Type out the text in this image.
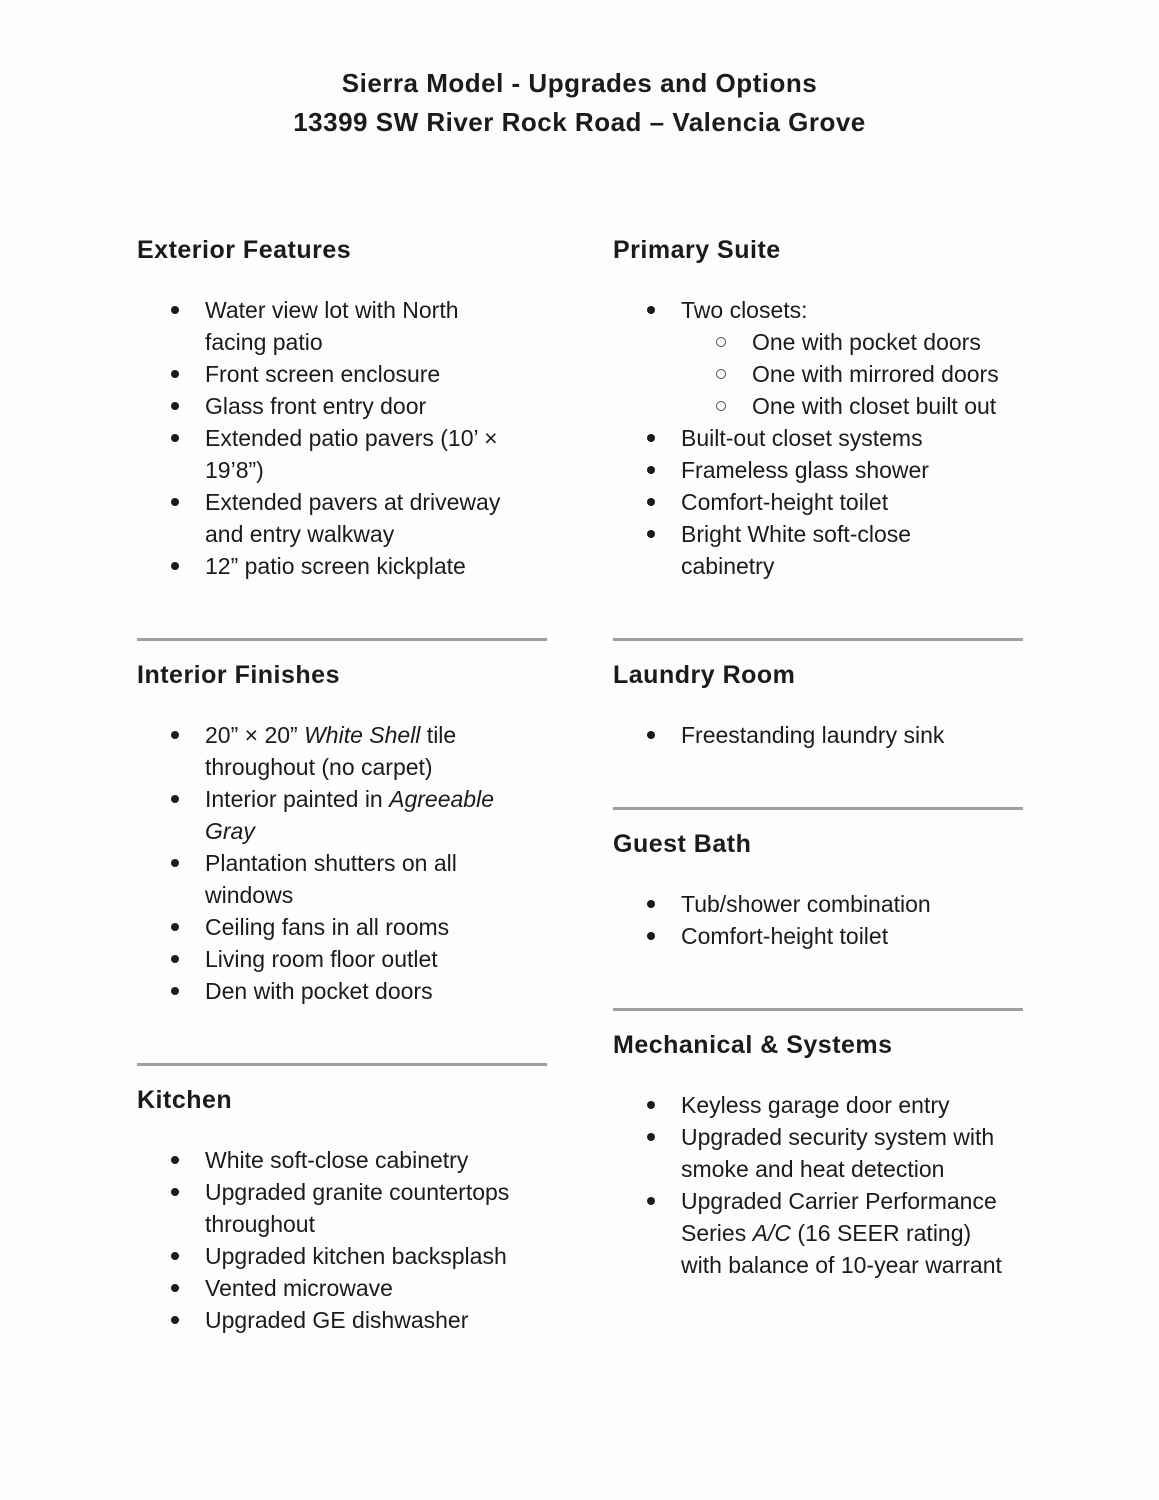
Sierra Model - Upgrades and Options
13399 SW River Rock Road – Valencia Grove
Exterior Features
Water view lot with North
facing patio
Front screen enclosure
Glass front entry door
Extended patio pavers (10’ ×
19’8”)
Extended pavers at driveway
and entry walkway
12” patio screen kickplate
Interior Finishes
20” × 20” White Shell tile
throughout (no carpet)
Interior painted in Agreeable
Gray
Plantation shutters on all
windows
Ceiling fans in all rooms
Living room floor outlet
Den with pocket doors
Kitchen
White soft-close cabinetry
Upgraded granite countertops
throughout
Upgraded kitchen backsplash
Vented microwave
Upgraded GE dishwasher
Primary Suite
Two closets:
One with pocket doors
One with mirrored doors
One with closet built out
Built-out closet systems
Frameless glass shower
Comfort-height toilet
Bright White soft-close
cabinetry
Laundry Room
Freestanding laundry sink
Guest Bath
Tub/shower combination
Comfort-height toilet
Mechanical & Systems
Keyless garage door entry
Upgraded security system with
smoke and heat detection
Upgraded Carrier Performance
Series A/C (16 SEER rating)
with balance of 10-year warrant
